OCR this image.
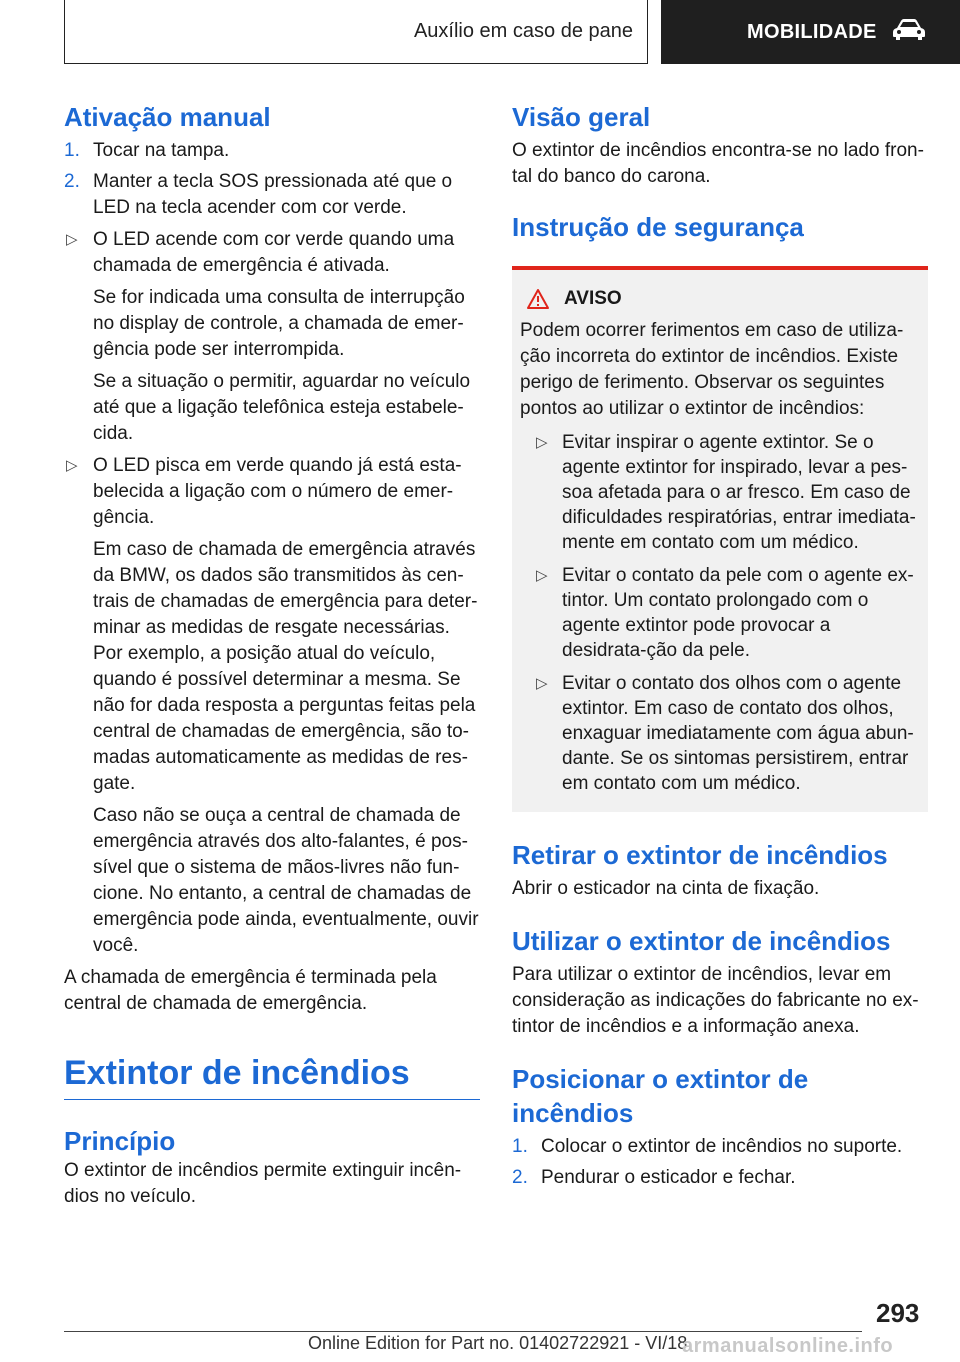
Auxílio em caso de pane	MOBILIDADE
Ativação manual
1. Tocar na tampa.
2. Manter a tecla SOS pressionada até que o LED na tecla acender com cor verde.
▷ O LED acende com cor verde quando uma chamada de emergência é ativada.

Se for indicada uma consulta de interrupção no display de controle, a chamada de emer-gência pode ser interrompida.

Se a situação o permitir, aguardar no veículo até que a ligação telefônica esteja estabele-cida.

▷ O LED pisca em verde quando já está esta-belecida a ligação com o número de emer-gência.

Em caso de chamada de emergência através da BMW, os dados são transmitidos às cen-trais de chamadas de emergência para deter-minar as medidas de resgate necessárias. Por exemplo, a posição atual do veículo, quando é possível determinar a mesma. Se não for dada resposta a perguntas feitas pela central de chamadas de emergência, são to-madas automaticamente as medidas de res-gate.

Caso não se ouça a central de chamada de emergência através dos alto-falantes, é pos-sível que o sistema de mãos-livres não fun-cione. No entanto, a central de chamadas de emergência pode ainda, eventualmente, ouvir você.

A chamada de emergência é terminada pela central de chamada de emergência.

Extintor de incêndios
Princípio

O extintor de incêndios permite extinguir incên-dios no veículo.

Visão geral

O extintor de incêndios encontra-se no lado fron-tal do banco do carona.

Instrução de segurança
AVISO

Podem ocorrer ferimentos em caso de utiliza-ção incorreta do extintor de incêndios. Existe perigo de ferimento. Observar os seguintes pontos ao utilizar o extintor de incêndios:

▷ Evitar inspirar o agente extintor. Se o agente extintor for inspirado, levar a pes-soa afetada para o ar fresco. Em caso de dificuldades respiratórias, entrar imediata-mente em contato com um médico.
▷ Evitar o contato da pele com o agente ex-tintor. Um contato prolongado com o agente extintor pode provocar a desidrata-ção da pele.
▷ Evitar o contato dos olhos com o agente extintor. Em caso de contato dos olhos, enxaguar imediatamente com água abun-dante. Se os sintomas persistirem, entrar em contato com um médico.
Retirar o extintor de incêndios

Abrir o esticador na cinta de fixação.

Utilizar o extintor de incêndios

Para utilizar o extintor de incêndios, levar em consideração as indicações do fabricante no ex-tintor de incêndios e a informação anexa.

Posicionar o extintor de incêndios
1. Colocar o extintor de incêndios no suporte.
2. Pendurar o esticador e fechar.
293
Online Edition for Part no. 01402722921 - VI/18
armanualsonline.info
